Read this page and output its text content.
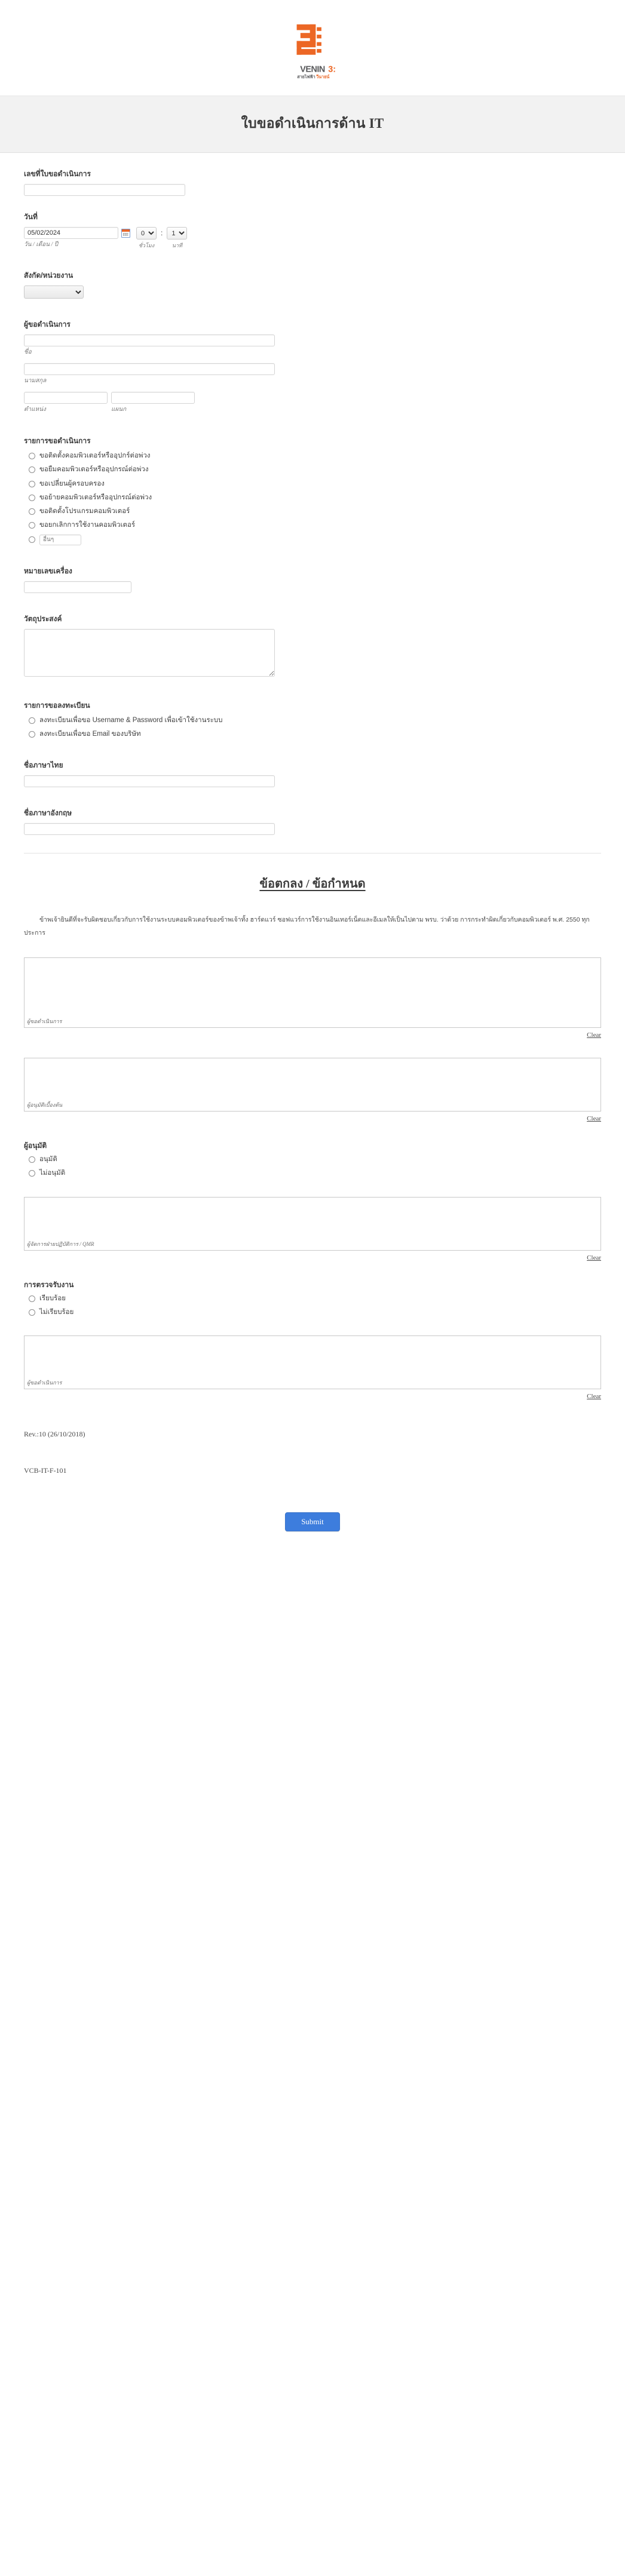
VENIN 3:
สายไฟฟ้า วีนายน์
ใบขอดำเนินการด้าน IT
เลขที่ใบขอดำเนินการ
วันที่
05/02/2024
วัน / เดือน / ปี
04	ชั่วโมง
:
10
นาที
สังกัด/หน่วยงาน
ผู้ขอดำเนินการ
ชื่อ
นามสกุล
ตำแหน่ง	แผนก
รายการขอดำเนินการ
ขอติดตั้งคอมพิวเตอร์หรืออุปกร์ต่อพ่วง
ขอยืมคอมพิวเตอร์หรืออุปกรณ์ต่อพ่วง
ขอเปลี่ยนผู้ครอบครอง
ขอย้ายคอมพิวเตอร์หรืออุปกรณ์ต่อพ่วง
ขอติดตั้งโปรแกรมคอมพิวเตอร์
ขอยกเลิกการใช้งานคอมพิวเตอร์
อื่นๆ
หมายเลขเครื่อง
วัตถุประสงค์
รายการขอลงทะเบียน
ลงทะเบียนเพื่อขอ Username & Password เพื่อเข้าใช้งานระบบ
ลงทะเบียนเพื่อขอ Email ของบริษัท
ชื่อภาษาไทย
ชื่อภาษาอังกฤษ
ข้อตกลง / ข้อกำหนด

ข้าพเจ้ายินดีที่จะรับผิดชอบเกี่ยวกับการใช้งานระบบคอมพิวเตอร์ของข้าพเจ้าทั้ง ฮาร์ดแวร์ ซอฟแวร์การใช้งานอินเทอร์เน็ตและอีเมลให้เป็นไปตาม พรบ. ว่าด้วย การกระทำผิดเกี่ยวกับคอมพิวเตอร์ พ.ศ. 2550 ทุกประการ

ผู้ขอดำเนินการ
Clear
ผู้อนุมัติเบื้องต้น
Clear
ผู้อนุมัติ
อนุมัติ
ไม่อนุมัติ
ผู้จัดการฝ่ายปฏิบัติการ / QMR
Clear
การตรวจรับงาน
เรียบร้อย
ไม่เรียบร้อย
ผู้ขอดำเนินการ
Clear
Rev.:10 (26/10/2018)
VCB-IT-F-101
Submit
